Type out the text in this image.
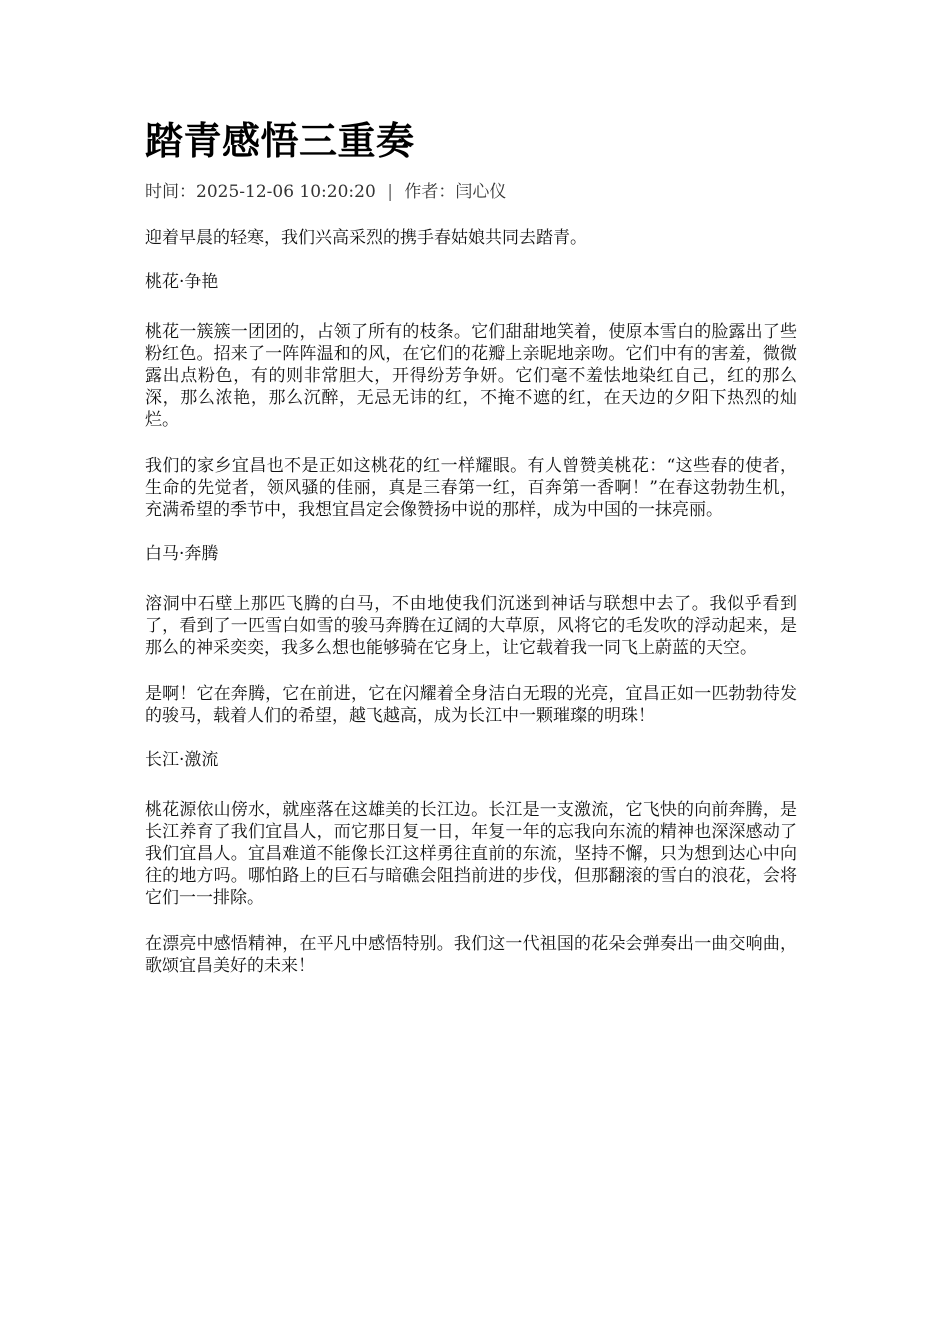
踏青感悟三重奏
时间：2025-12-06 10:20:20 | 作者：闫心仪

迎着早晨的轻寒，我们兴高采烈的携手春姑娘共同去踏青。

桃花·争艳

桃花一簇簇一团团的，占领了所有的枝条。它们甜甜地笑着，使原本雪白的脸露出了些粉红色。招来了一阵阵温和的风，在它们的花瓣上亲昵地亲吻。它们中有的害羞，微微露出点粉色，有的则非常胆大，开得纷芳争妍。它们毫不羞怯地染红自己，红的那么深，那么浓艳，那么沉醉，无忌无讳的红，不掩不遮的红，在天边的夕阳下热烈的灿烂。

我们的家乡宜昌也不是正如这桃花的红一样耀眼。有人曾赞美桃花：“这些春的使者，生命的先觉者，领风骚的佳丽，真是三春第一红，百奔第一香啊！”在春这勃勃生机，充满希望的季节中，我想宜昌定会像赞扬中说的那样，成为中国的一抹亮丽。

白马·奔腾

溶洞中石壁上那匹飞腾的白马，不由地使我们沉迷到神话与联想中去了。我似乎看到了，看到了一匹雪白如雪的骏马奔腾在辽阔的大草原，风将它的毛发吹的浮动起来，是那么的神采奕奕，我多么想也能够骑在它身上，让它载着我一同飞上蔚蓝的天空。

是啊！它在奔腾，它在前进，它在闪耀着全身洁白无瑕的光亮，宜昌正如一匹勃勃待发的骏马，载着人们的希望，越飞越高，成为长江中一颗璀璨的明珠！

长江·激流

桃花源依山傍水，就座落在这雄美的长江边。长江是一支激流，它飞快的向前奔腾，是长江养育了我们宜昌人，而它那日复一日，年复一年的忘我向东流的精神也深深感动了我们宜昌人。宜昌难道不能像长江这样勇往直前的东流，坚持不懈，只为想到达心中向往的地方吗。哪怕路上的巨石与暗礁会阻挡前进的步伐，但那翻滚的雪白的浪花，会将它们一一排除。

在漂亮中感悟精神，在平凡中感悟特别。我们这一代祖国的花朵会弹奏出一曲交响曲，歌颂宜昌美好的未来！
